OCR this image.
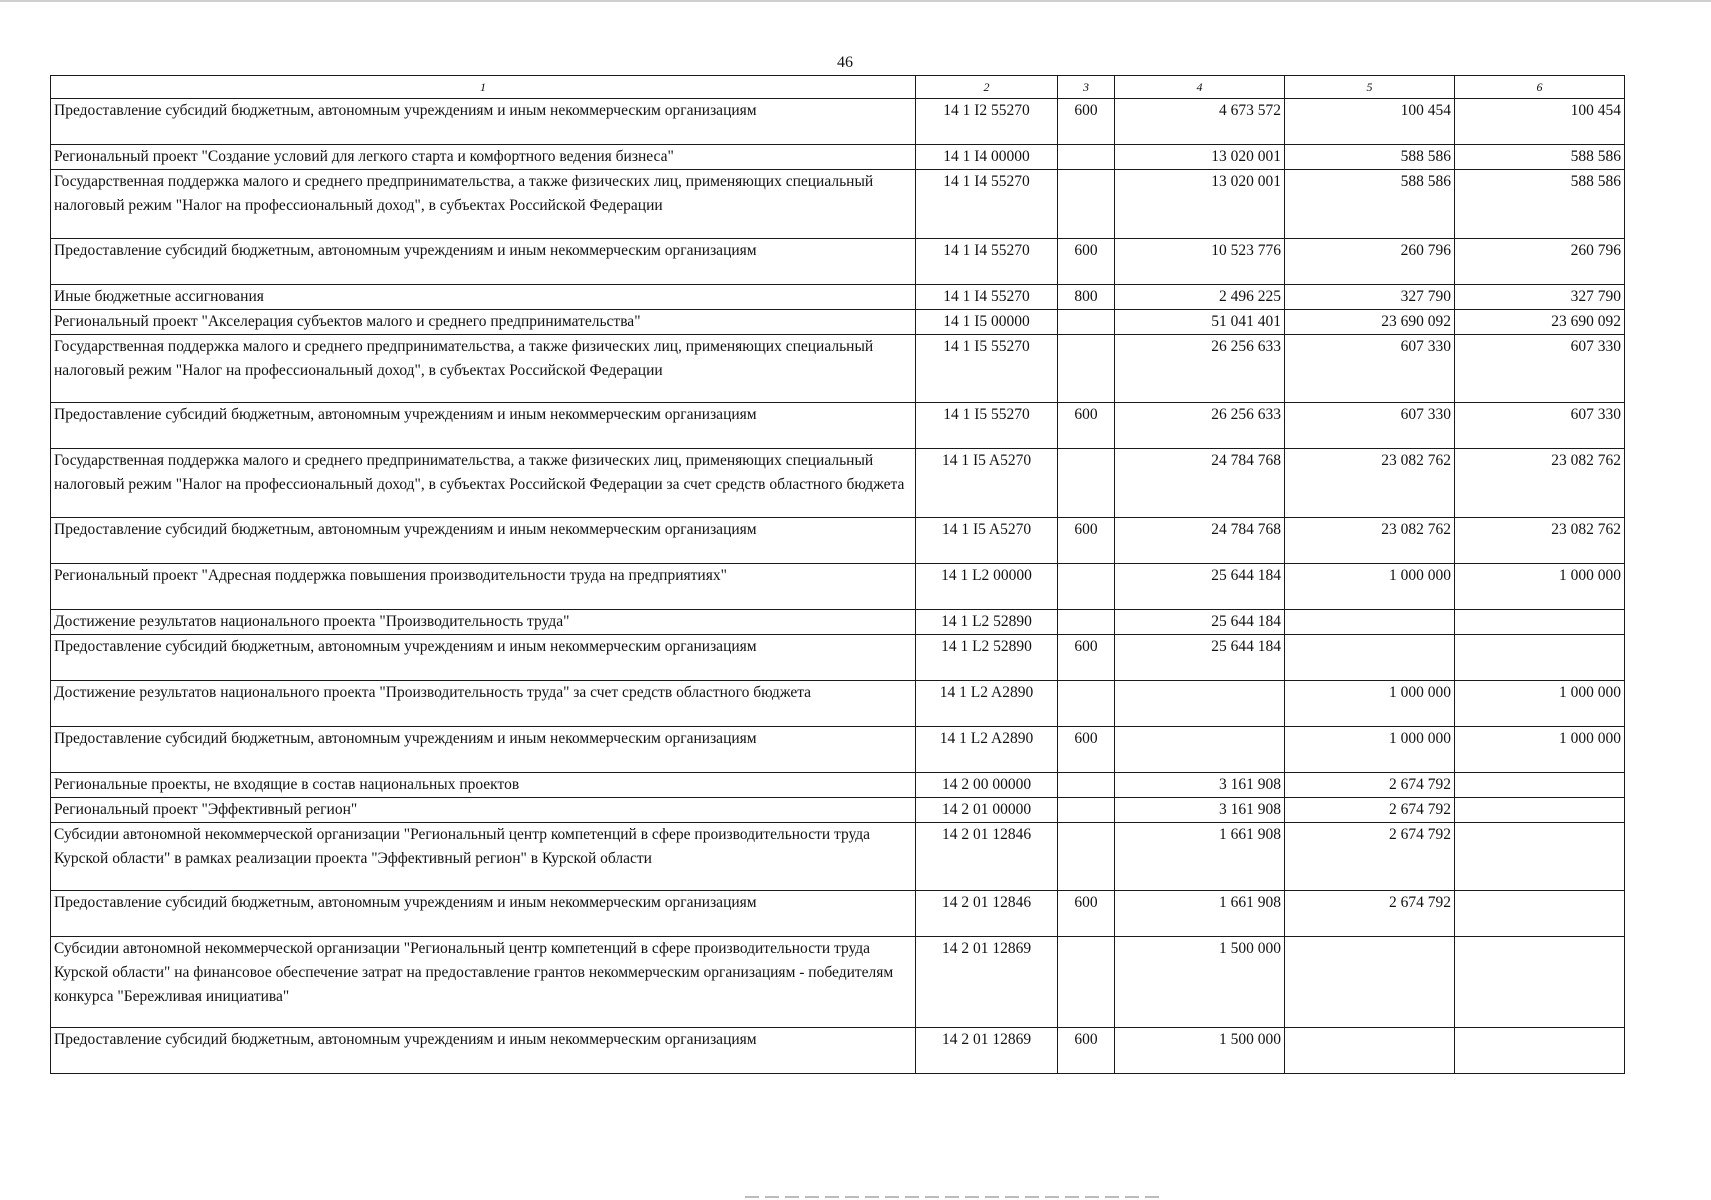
46
1	2	3	4	5	6
Предоставление субсидий бюджетным, автономным учреждениям и иным некоммерческим организациям	14 1 I2 55270	600	4 673 572	100 454	100 454
Региональный проект "Создание условий для легкого старта и комфортного ведения бизнеса"	14 1 I4 00000		13 020 001	588 586	588 586
Государственная поддержка малого и среднего предпринимательства, а также физических лиц, применяющих специальный налоговый режим "Налог на профессиональный доход", в субъектах Российской Федерации	14 1 I4 55270		13 020 001	588 586	588 586
Предоставление субсидий бюджетным, автономным учреждениям и иным некоммерческим организациям	14 1 I4 55270	600	10 523 776	260 796	260 796
Иные бюджетные ассигнования	14 1 I4 55270	800	2 496 225	327 790	327 790
Региональный проект "Акселерация субъектов малого и среднего предпринимательства"	14 1 I5 00000		51 041 401	23 690 092	23 690 092
Государственная поддержка малого и среднего предпринимательства, а также физических лиц, применяющих специальный налоговый режим "Налог на профессиональный доход", в субъектах Российской Федерации	14 1 I5 55270		26 256 633	607 330	607 330
Предоставление субсидий бюджетным, автономным учреждениям и иным некоммерческим организациям	14 1 I5 55270	600	26 256 633	607 330	607 330
Государственная поддержка малого и среднего предпринимательства, а также физических лиц, применяющих специальный налоговый режим "Налог на профессиональный доход", в субъектах Российской Федерации за счет средств областного бюджета	14 1 I5 A5270		24 784 768	23 082 762	23 082 762
Предоставление субсидий бюджетным, автономным учреждениям и иным некоммерческим организациям	14 1 I5 A5270	600	24 784 768	23 082 762	23 082 762
Региональный проект "Адресная поддержка повышения производительности труда на предприятиях"	14 1 L2 00000		25 644 184	1 000 000	1 000 000
Достижение результатов национального проекта "Производительность труда"	14 1 L2 52890		25 644 184		
Предоставление субсидий бюджетным, автономным учреждениям и иным некоммерческим организациям	14 1 L2 52890	600	25 644 184		
Достижение результатов национального проекта "Производительность труда" за счет средств областного бюджета	14 1 L2 A2890			1 000 000	1 000 000
Предоставление субсидий бюджетным, автономным учреждениям и иным некоммерческим организациям	14 1 L2 A2890	600		1 000 000	1 000 000
Региональные проекты, не входящие в состав национальных проектов	14 2 00 00000		3 161 908	2 674 792	
Региональный проект "Эффективный регион"	14 2 01 00000		3 161 908	2 674 792	
Субсидии автономной некоммерческой организации "Региональный центр компетенций в сфере производительности труда Курской области" в рамках реализации проекта "Эффективный регион" в Курской области	14 2 01 12846		1 661 908	2 674 792	
Предоставление субсидий бюджетным, автономным учреждениям и иным некоммерческим организациям	14 2 01 12846	600	1 661 908	2 674 792	
Субсидии автономной некоммерческой организации "Региональный центр компетенций в сфере производительности труда Курской области" на финансовое обеспечение затрат на предоставление грантов некоммерческим организациям - победителям конкурса "Бережливая инициатива"	14 2 01 12869		1 500 000		
Предоставление субсидий бюджетным, автономным учреждениям и иным некоммерческим организациям	14 2 01 12869	600	1 500 000		
